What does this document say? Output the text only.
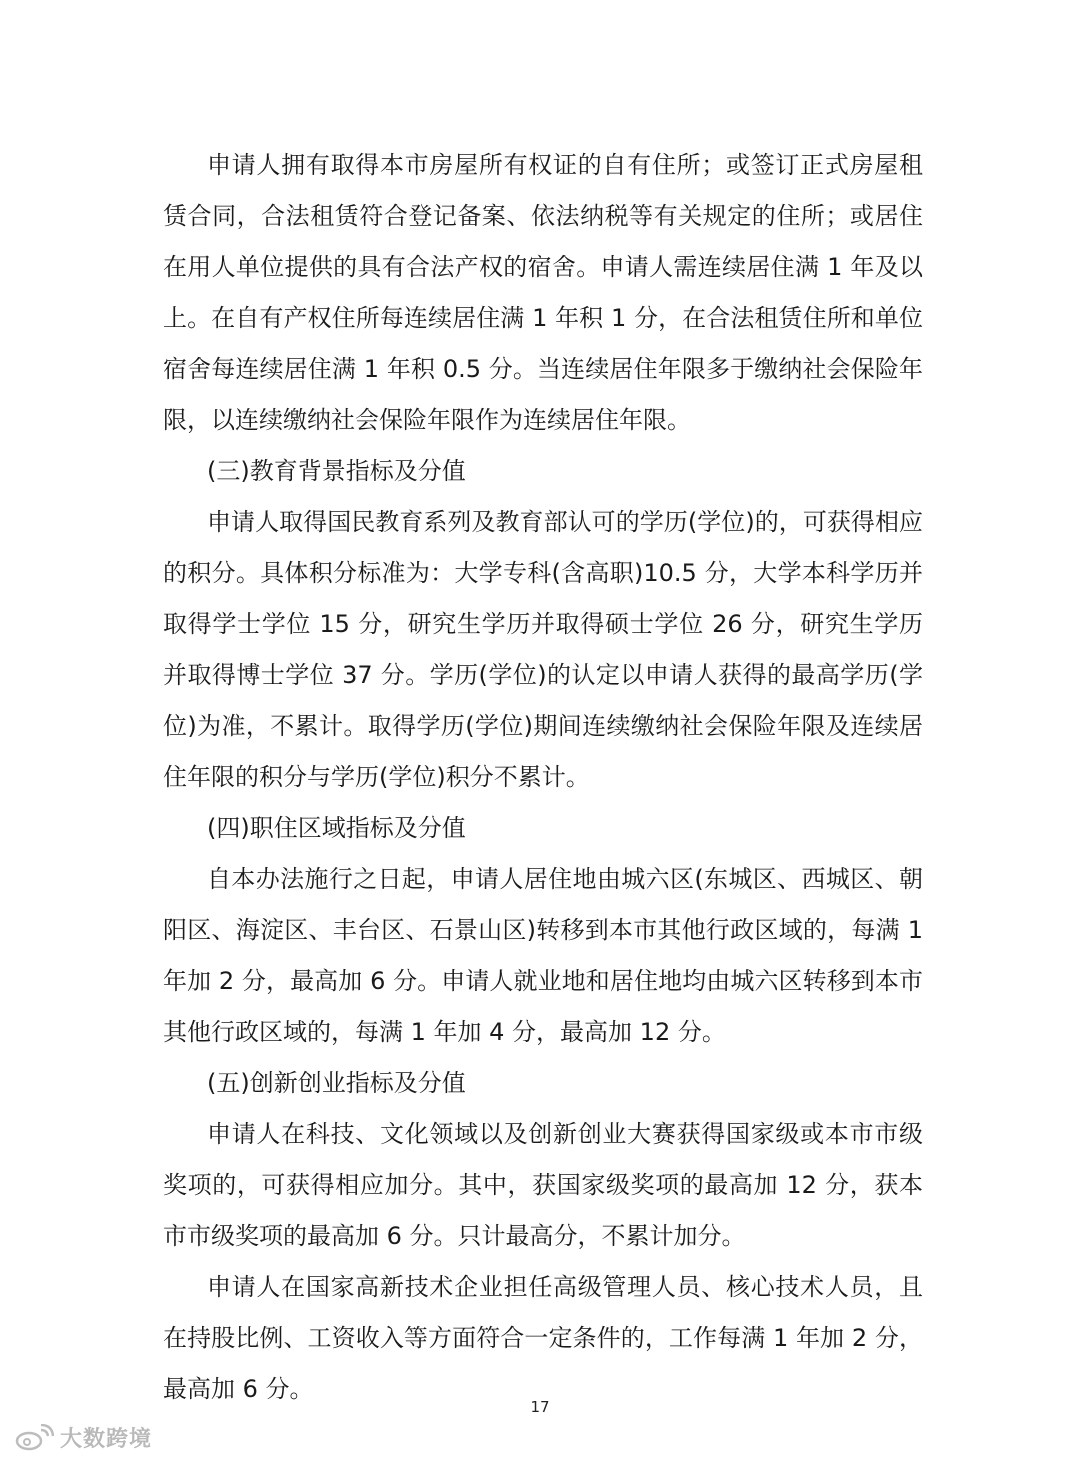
申请人拥有取得本市房屋所有权证的自有住所；或签订正式房屋租赁合同，合法租赁符合登记备案、依法纳税等有关规定的住所；或居住在用人单位提供的具有合法产权的宿舍。申请人需连续居住满 1 年及以上。在自有产权住所每连续居住满 1 年积 1 分，在合法租赁住所和单位宿舍每连续居住满 1 年积 0.5 分。当连续居住年限多于缴纳社会保险年限，以连续缴纳社会保险年限作为连续居住年限。

(三)教育背景指标及分值

申请人取得国民教育系列及教育部认可的学历(学位)的，可获得相应的积分。具体积分标准为：大学专科(含高职)10.5 分，大学本科学历并取得学士学位 15 分，研究生学历并取得硕士学位 26 分，研究生学历并取得博士学位 37 分。学历(学位)的认定以申请人获得的最高学历(学位)为准，不累计。取得学历(学位)期间连续缴纳社会保险年限及连续居住年限的积分与学历(学位)积分不累计。

(四)职住区域指标及分值

自本办法施行之日起，申请人居住地由城六区(东城区、西城区、朝阳区、海淀区、丰台区、石景山区)转移到本市其他行政区域的，每满 1 年加 2 分，最高加 6 分。申请人就业地和居住地均由城六区转移到本市其他行政区域的，每满 1 年加 4 分，最高加 12 分。

(五)创新创业指标及分值

申请人在科技、文化领域以及创新创业大赛获得国家级或本市市级奖项的，可获得相应加分。其中，获国家级奖项的最高加 12 分，获本市市级奖项的最高加 6 分。只计最高分，不累计加分。

申请人在国家高新技术企业担任高级管理人员、核心技术人员，且在持股比例、工资收入等方面符合一定条件的，工作每满 1 年加 2 分，最高加 6 分。

17
大数跨境
